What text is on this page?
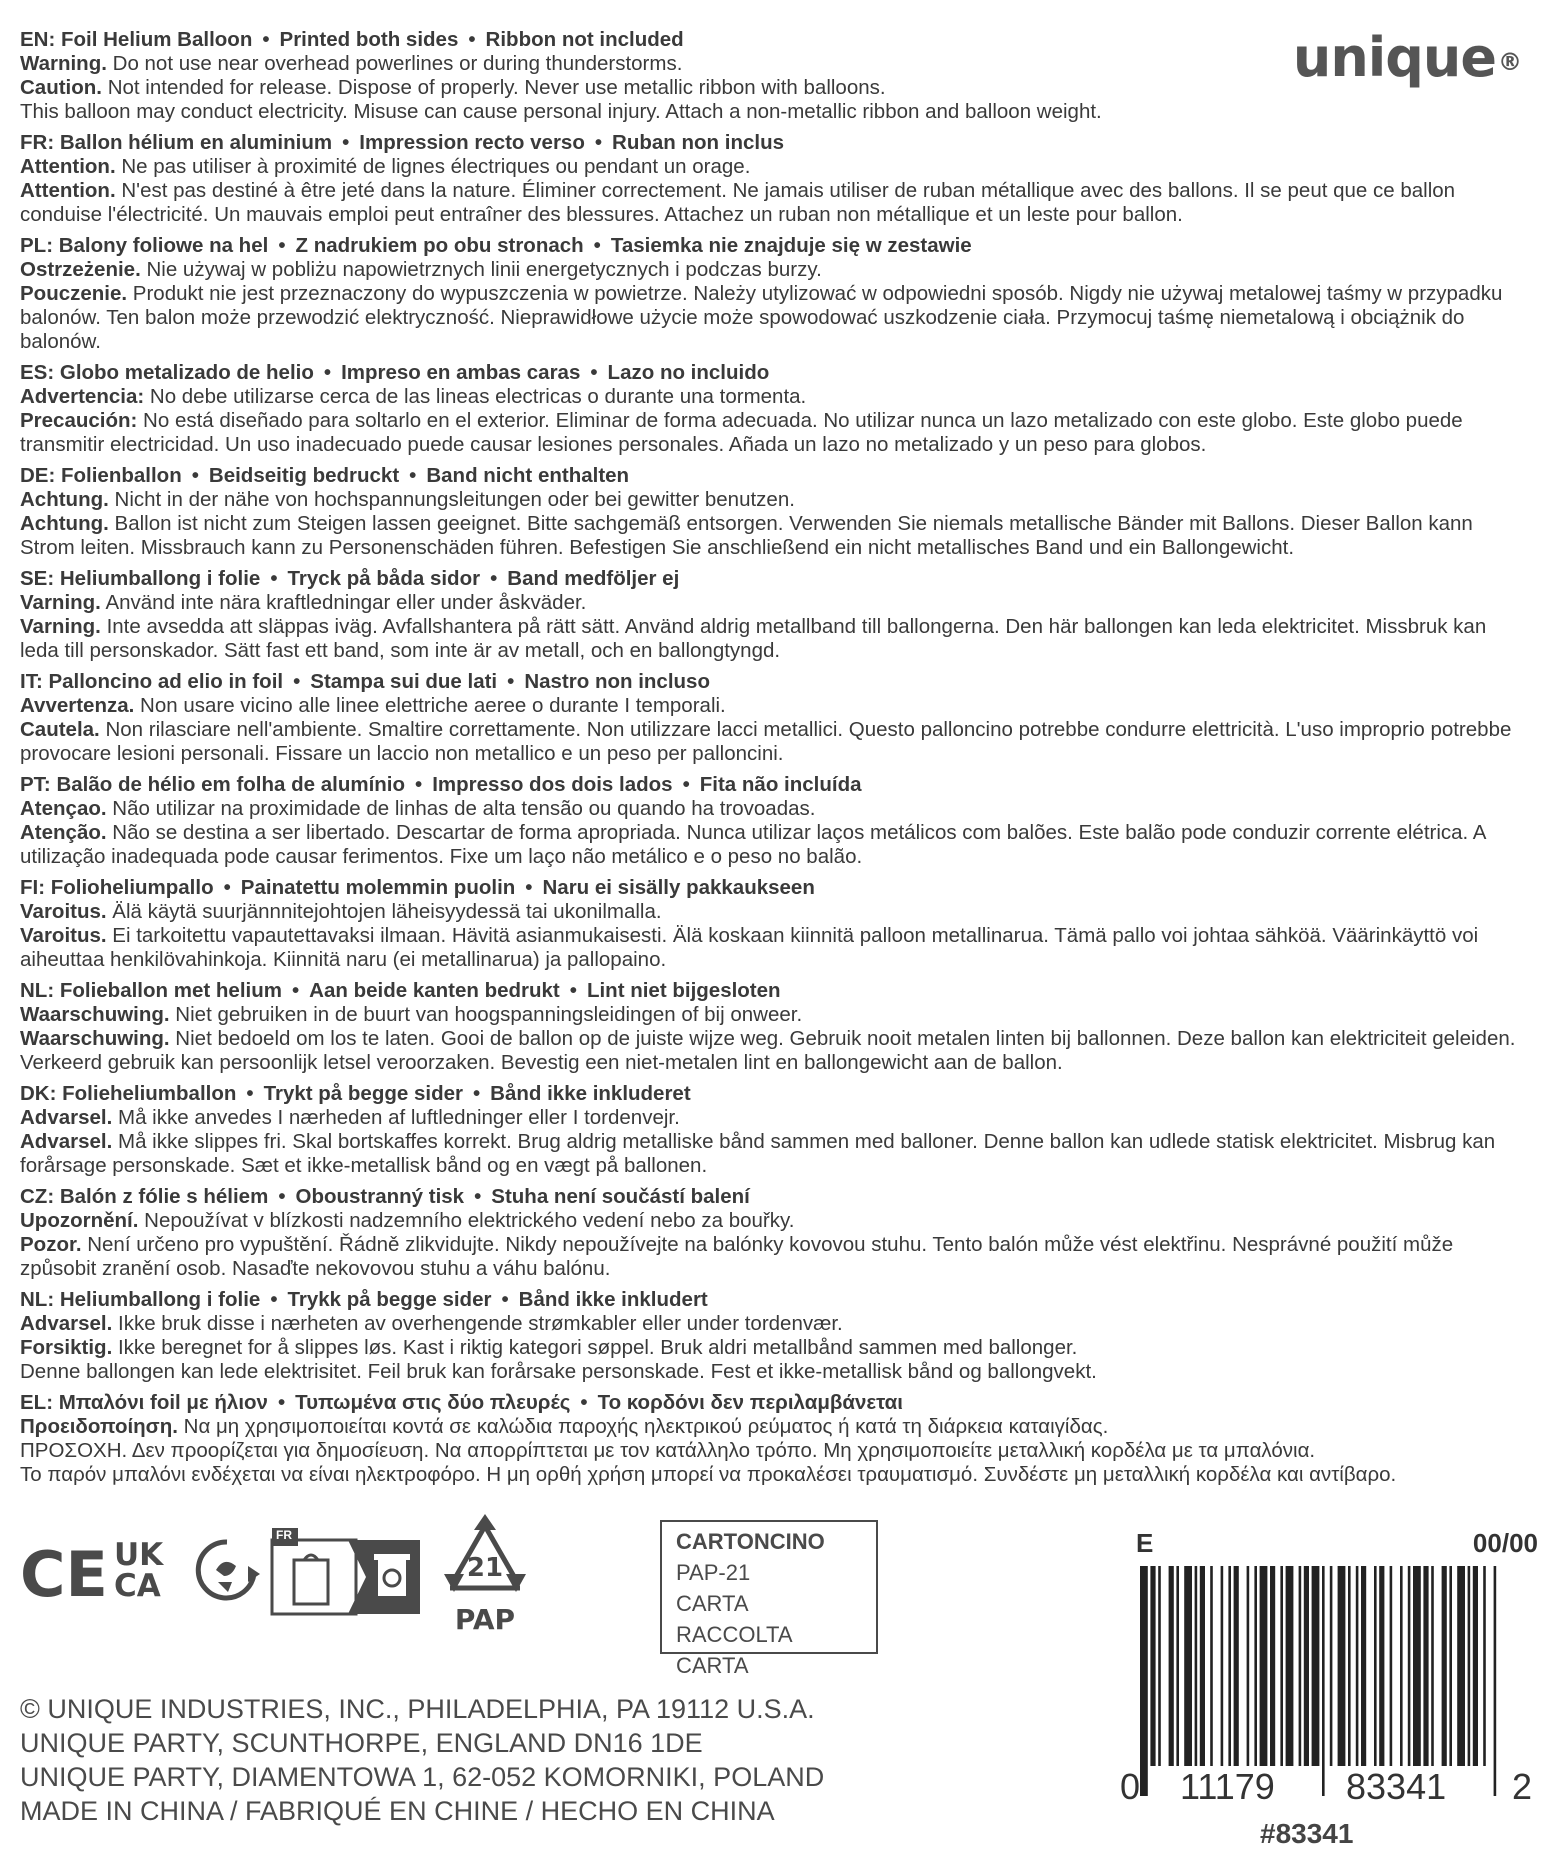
unique®
EN: Foil Helium Balloon • Printed both sides • Ribbon not included
Warning. Do not use near overhead powerlines or during thunderstorms.
Caution. Not intended for release. Dispose of properly. Never use metallic ribbon with balloons.
This balloon may conduct electricity. Misuse can cause personal injury. Attach a non-metallic ribbon and balloon weight.
FR: Ballon hélium en aluminium • Impression recto verso • Ruban non inclus
Attention. Ne pas utiliser à proximité de lignes électriques ou pendant un orage.
Attention. N'est pas destiné à être jeté dans la nature. Éliminer correctement. Ne jamais utiliser de ruban métallique avec des ballons. Il se peut que ce ballon conduise l'électricité. Un mauvais emploi peut entraîner des blessures. Attachez un ruban non métallique et un leste pour ballon.
PL: Balony foliowe na hel • Z nadrukiem po obu stronach • Tasiemka nie znajduje się w zestawie
Ostrzeżenie. Nie używaj w pobliżu napowietrznych linii energetycznych i podczas burzy.
Pouczenie. Produkt nie jest przeznaczony do wypuszczenia w powietrze. Należy utylizować w odpowiedni sposób. Nigdy nie używaj metalowej taśmy w przypadku balonów. Ten balon może przewodzić elektryczność. Nieprawidłowe użycie może spowodować uszkodzenie ciała. Przymocuj taśmę niemetalową i obciążnik do balonów.
ES: Globo metalizado de helio • Impreso en ambas caras • Lazo no incluido
Advertencia: No debe utilizarse cerca de las lineas electricas o durante una tormenta.
Precaución: No está diseñado para soltarlo en el exterior. Eliminar de forma adecuada. No utilizar nunca un lazo metalizado con este globo. Este globo puede transmitir electricidad. Un uso inadecuado puede causar lesiones personales. Añada un lazo no metalizado y un peso para globos.
DE: Folienballon • Beidseitig bedruckt • Band nicht enthalten
Achtung. Nicht in der nähe von hochspannungsleitungen oder bei gewitter benutzen.
Achtung. Ballon ist nicht zum Steigen lassen geeignet. Bitte sachgemäß entsorgen. Verwenden Sie niemals metallische Bänder mit Ballons. Dieser Ballon kann Strom leiten. Missbrauch kann zu Personenschäden führen. Befestigen Sie anschließend ein nicht metallisches Band und ein Ballongewicht.
SE: Heliumballong i folie • Tryck på båda sidor • Band medföljer ej
Varning. Använd inte nära kraftledningar eller under åskväder.
Varning. Inte avsedda att släppas iväg. Avfallshantera på rätt sätt. Använd aldrig metallband till ballongerna. Den här ballongen kan leda elektricitet. Missbruk kan leda till personskador. Sätt fast ett band, som inte är av metall, och en ballongtyngd.
IT: Palloncino ad elio in foil • Stampa sui due lati • Nastro non incluso
Avvertenza. Non usare vicino alle linee elettriche aeree o durante I temporali.
Cautela. Non rilasciare nell'ambiente. Smaltire correttamente. Non utilizzare lacci metallici. Questo palloncino potrebbe condurre elettricità. L'uso improprio potrebbe provocare lesioni personali. Fissare un laccio non metallico e un peso per palloncini.
PT: Balão de hélio em folha de alumínio • Impresso dos dois lados • Fita não incluída
Atençao. Não utilizar na proximidade de linhas de alta tensão ou quando ha trovoadas.
Atenção. Não se destina a ser libertado. Descartar de forma apropriada. Nunca utilizar laços metálicos com balões. Este balão pode conduzir corrente elétrica. A utilização inadequada pode causar ferimentos. Fixe um laço não metálico e o peso no balão.
FI: Folioheliumpallo • Painatettu molemmin puolin • Naru ei sisälly pakkaukseen
Varoitus. Älä käytä suurjännnitejohtojen läheisyydessä tai ukonilmalla.
Varoitus. Ei tarkoitettu vapautettavaksi ilmaan. Hävitä asianmukaisesti. Älä koskaan kiinnitä palloon metallinarua. Tämä pallo voi johtaa sähköä. Väärinkäyttö voi aiheuttaa henkilövahinkoja. Kiinnitä naru (ei metallinarua) ja pallopaino.
NL: Folieballon met helium • Aan beide kanten bedrukt • Lint niet bijgesloten
Waarschuwing. Niet gebruiken in de buurt van hoogspanningsleidingen of bij onweer.
Waarschuwing. Niet bedoeld om los te laten. Gooi de ballon op de juiste wijze weg. Gebruik nooit metalen linten bij ballonnen. Deze ballon kan elektriciteit geleiden. Verkeerd gebruik kan persoonlijk letsel veroorzaken. Bevestig een niet-metalen lint en ballongewicht aan de ballon.
DK: Folieheliumballon • Trykt på begge sider • Bånd ikke inkluderet
Advarsel. Må ikke anvedes I nærheden af luftledninger eller I tordenvejr.
Advarsel. Må ikke slippes fri. Skal bortskaffes korrekt. Brug aldrig metalliske bånd sammen med balloner. Denne ballon kan udlede statisk elektricitet. Misbrug kan forårsage personskade. Sæt et ikke-metallisk bånd og en vægt på ballonen.
CZ: Balón z fólie s héliem • Oboustranný tisk • Stuha není součástí balení
Upozornění. Nepoužívat v blízkosti nadzemního elektrického vedení nebo za bouřky.
Pozor. Není určeno pro vypuštění. Řádně zlikvidujte. Nikdy nepoužívejte na balónky kovovou stuhu. Tento balón může vést elektřinu. Nesprávné použití může způsobit zranění osob. Nasaďte nekovovou stuhu a váhu balónu.
NL: Heliumballong i folie • Trykk på begge sider • Bånd ikke inkludert
Advarsel. Ikke bruk disse i nærheten av overhengende strømkabler eller under tordenvær.
Forsiktig. Ikke beregnet for å slippes løs. Kast i riktig kategori søppel. Bruk aldri metallbånd sammen med ballonger.
Denne ballongen kan lede elektrisitet. Feil bruk kan forårsake personskade. Fest et ikke-metallisk bånd og ballongvekt.
EL: Μπαλόνι foil με ήλιον • Τυπωμένα στις δύο πλευρές • Το κορδόνι δεν περιλαμβάνεται
Προειδοποίηση. Να μη χρησιμοποιείται κοντά σε καλώδια παροχής ηλεκτρικού ρεύματος ή κατά τη διάρκεια καταιγίδας.
ΠΡΟΣΟΧΗ. Δεν προορίζεται για δημοσίευση. Να απορρίπτεται με τον κατάλληλο τρόπο. Μη χρησιμοποιείτε μεταλλική κορδέλα με τα μπαλόνια.
Το παρόν μπαλόνι ενδέχεται να είναι ηλεκτροφόρο. Η μη ορθή χρήση μπορεί να προκαλέσει τραυματισμό. Συνδέστε μη μεταλλική κορδέλα και αντίβαρο.
CE UK
CA
FR
21
PAP
CARTONCINO
PAP-21
CARTA
RACCOLTA CARTA
© UNIQUE INDUSTRIES, INC., PHILADELPHIA, PA 19112 U.S.A.
UNIQUE PARTY, SCUNTHORPE, ENGLAND DN16 1DE
UNIQUE PARTY, DIAMENTOWA 1, 62-052 KOMORNIKI, POLAND
MADE IN CHINA / FABRIQUÉ EN CHINE / HECHO EN CHINA
E	00/00
0 11179 83341 2
#83341
